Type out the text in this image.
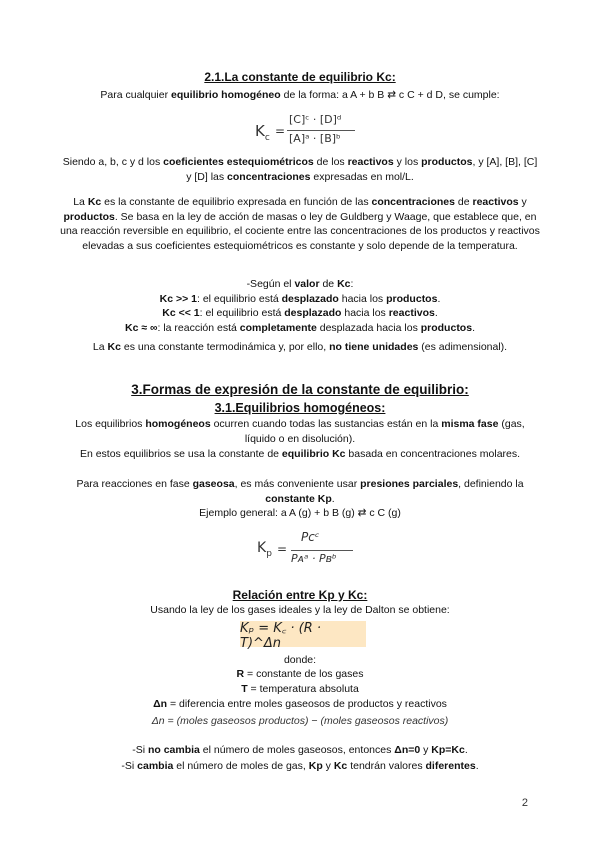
2.1.La constante de equilibrio Kc:
Para cualquier equilibrio homogéneo de la forma: a A + b B ⇄ c C + d D, se cumple:
$K_c$ =
[C]ᶜ · [D]ᵈ
[A]ᵃ · [B]ᵇ
Siendo a, b, c y d los coeficientes estequiométricos de los reactivos y los productos, y [A], [B], [C] y [D] las concentraciones expresadas en mol/L.
La Kc es la constante de equilibrio expresada en función de las concentraciones de reactivos y productos. Se basa en la ley de acción de masas o ley de Guldberg y Waage, que establece que, en una reacción reversible en equilibrio, el cociente entre las concentraciones de los productos y reactivos elevadas a sus coeficientes estequiométricos es constante y solo depende de la temperatura.
-Según el valor de Kc:
Kc >> 1: el equilibrio está desplazado hacia los productos.
Kc << 1: el equilibrio está desplazado hacia los reactivos.
Kc ≈ ∞: la reacción está completamente desplazada hacia los productos.
La Kc es una constante termodinámica y, por ello, no tiene unidades (es adimensional).
3.Formas de expresión de la constante de equilibrio:
3.1.Equilibrios homogéneos:
Los equilibrios homogéneos ocurren cuando todas las sustancias están en la misma fase (gas, líquido o en disolución).
En estos equilibrios se usa la constante de equilibrio Kc basada en concentraciones molares.
Para reacciones en fase gaseosa, es más conveniente usar presiones parciales, definiendo la constante Kp.
Ejemplo general: a A (g) + b B (g) ⇄ c C (g)
$K_p$ =
Pᴄᶜ
Pᴀᵃ · Pʙᵇ
Relación entre Kp y Kc:
Usando la ley de los gases ideales y la ley de Dalton se obtiene:
Kₚ = K꜀ · (R · T)^Δn
donde:
R = constante de los gases
T = temperatura absoluta
Δn = diferencia entre moles gaseosos de productos y reactivos
Δn = (moles gaseosos productos) − (moles gaseosos reactivos)
-Si no cambia el número de moles gaseosos, entonces Δn=0 y Kp=Kc.
-Si cambia el número de moles de gas, Kp y Kc tendrán valores diferentes.
2
